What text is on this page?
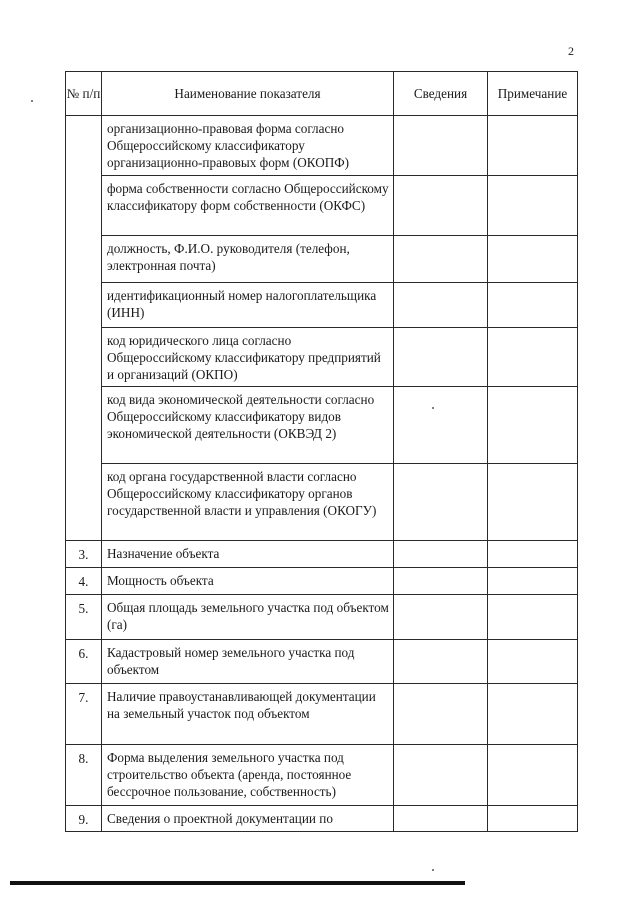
2
№ п/п	Наименование показателя	Сведения	Примечание
	организационно-правовая форма согласно Общероссийскому классификатору организационно-правовых форм (ОКОПФ)		
	форма собственности согласно Общероссийскому классификатору форм собственности (ОКФС)		
	должность, Ф.И.О. руководителя (телефон, электронная почта)		
	идентификационный номер налогоплательщика (ИНН)		
	код юридического лица согласно Общероссийскому классификатору предприятий и организаций (ОКПО)		
	код вида экономической деятельности согласно Общероссийскому классификатору видов экономической деятельности (ОКВЭД 2)		
	код органа государственной власти согласно Общероссийскому классификатору органов государственной власти и управления (ОКОГУ)		
3.	Назначение объекта		
4.	Мощность объекта		
5.	Общая площадь земельного участка под объектом (га)		
6.	Кадастровый номер земельного участка под объектом		
7.	Наличие правоустанавливающей документации на земельный участок под объектом		
8.	Форма выделения земельного участка под строительство объекта (аренда, постоянное бессрочное пользование, собственность)		
9.	Сведения о проектной документации по		
